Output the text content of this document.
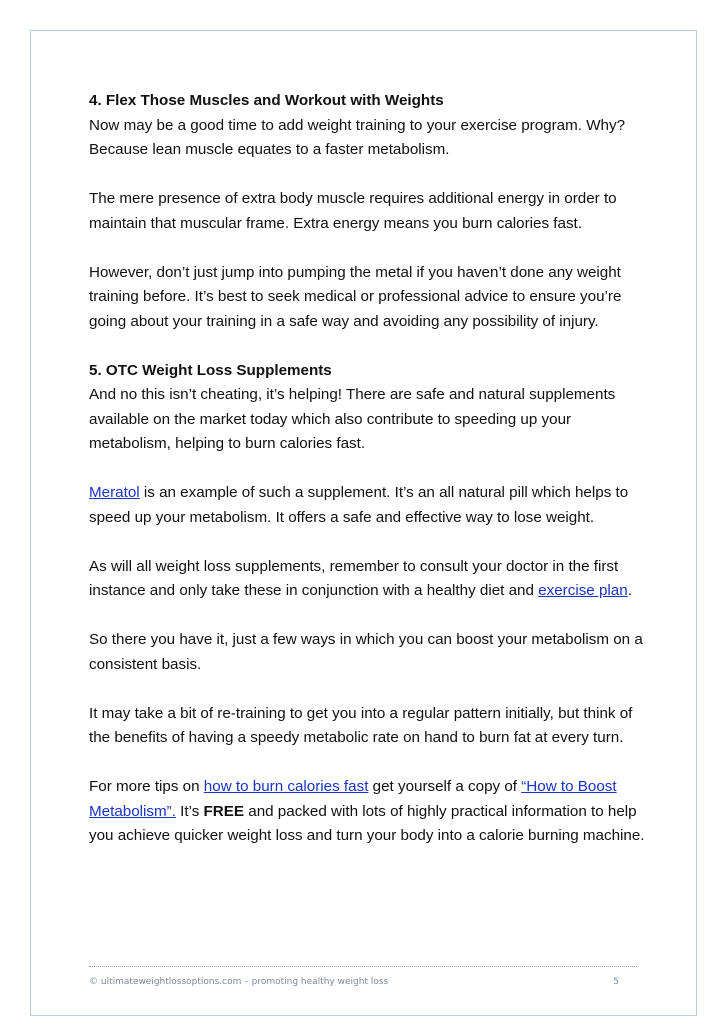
4. Flex Those Muscles and Workout with Weights

Now may be a good time to add weight training to your exercise program. Why? Because lean muscle equates to a faster metabolism.

The mere presence of extra body muscle requires additional energy in order to maintain that muscular frame. Extra energy means you burn calories fast.

However, don’t just jump into pumping the metal if you haven’t done any weight training before. It’s best to seek medical or professional advice to ensure you’re going about your training in a safe way and avoiding any possibility of injury.

5. OTC Weight Loss Supplements

And no this isn’t cheating, it’s helping! There are safe and natural supplements available on the market today which also contribute to speeding up your metabolism, helping to burn calories fast.

Meratol is an example of such a supplement. It’s an all natural pill which helps to speed up your metabolism. It offers a safe and effective way to lose weight.

As will all weight loss supplements, remember to consult your doctor in the first instance and only take these in conjunction with a healthy diet and exercise plan.

So there you have it, just a few ways in which you can boost your metabolism on a consistent basis.

It may take a bit of re-training to get you into a regular pattern initially, but think of the benefits of having a speedy metabolic rate on hand to burn fat at every turn.

For more tips on how to burn calories fast get yourself a copy of “How to Boost Metabolism”. It’s FREE and packed with lots of highly practical information to help you achieve quicker weight loss and turn your body into a calorie burning machine.

© ultimateweightlossoptions.com – promoting healthy weight loss	5
